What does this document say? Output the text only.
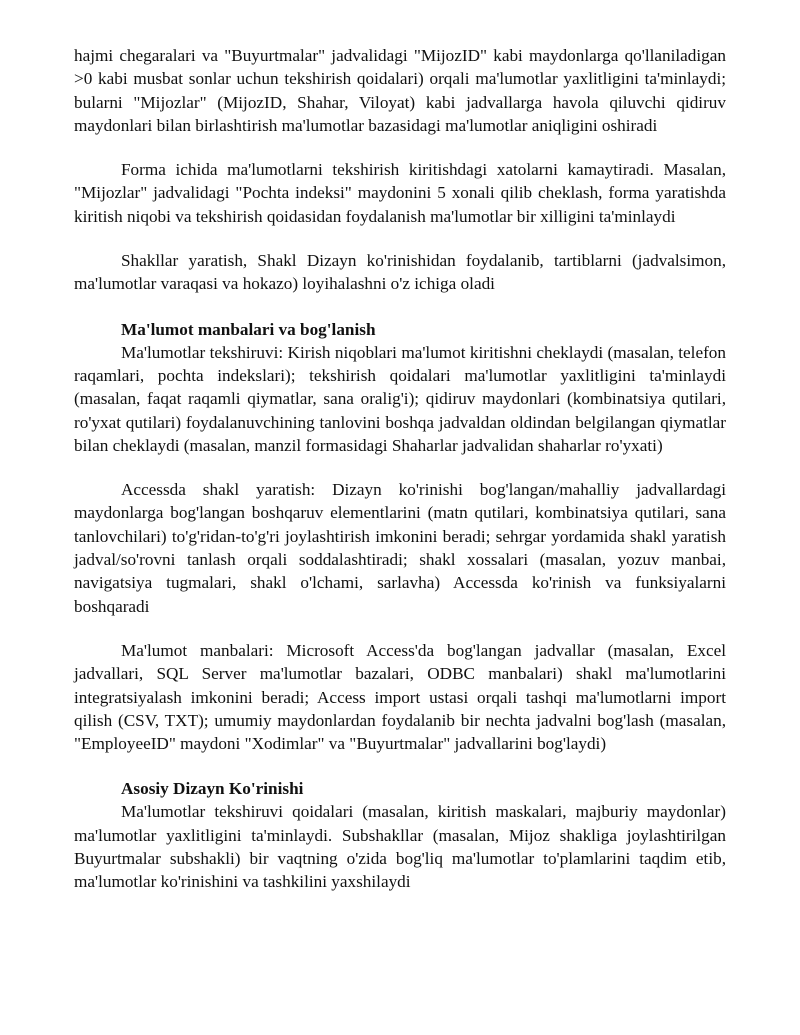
hajmi chegaralari va "Buyurtmalar" jadvalidagi "MijozID" kabi maydonlarga qo'llaniladigan >0 kabi musbat sonlar uchun tekshirish qoidalari) orqali ma'lumotlar yaxlitligini ta'minlaydi; bularni "Mijozlar" (MijozID, Shahar, Viloyat) kabi jadvallarga havola qiluvchi qidiruv maydonlari bilan birlashtirish ma'lumotlar bazasidagi ma'lumotlar aniqligini oshiradi

Forma ichida ma'lumotlarni tekshirish kiritishdagi xatolarni kamaytiradi. Masalan, "Mijozlar" jadvalidagi "Pochta indeksi" maydonini 5 xonali qilib cheklash, forma yaratishda kiritish niqobi va tekshirish qoidasidan foydalanish ma'lumotlar bir xilligini ta'minlaydi

Shakllar yaratish, Shakl Dizayn ko'rinishidan foydalanib, tartiblarni (jadvalsimon, ma'lumotlar varaqasi va hokazo) loyihalashni o'z ichiga oladi

Ma'lumot manbalari va bog'lanish

Ma'lumotlar tekshiruvi: Kirish niqoblari ma'lumot kiritishni cheklaydi (masalan, telefon raqamlari, pochta indekslari); tekshirish qoidalari ma'lumotlar yaxlitligini ta'minlaydi (masalan, faqat raqamli qiymatlar, sana oralig'i); qidiruv maydonlari (kombinatsiya qutilari, ro'yxat qutilari) foydalanuvchining tanlovini boshqa jadvaldan oldindan belgilangan qiymatlar bilan cheklaydi (masalan, manzil formasidagi Shaharlar jadvalidan shaharlar ro'yxati)

Accessda shakl yaratish: Dizayn ko'rinishi bog'langan/mahalliy jadvallardagi maydonlarga bog'langan boshqaruv elementlarini (matn qutilari, kombinatsiya qutilari, sana tanlovchilari) to'g'ridan-to'g'ri joylashtirish imkonini beradi; sehrgar yordamida shakl yaratish jadval/so'rovni tanlash orqali soddalashtiradi; shakl xossalari (masalan, yozuv manbai, navigatsiya tugmalari, shakl o'lchami, sarlavha) Accessda ko'rinish va funksiyalarni boshqaradi

Ma'lumot manbalari: Microsoft Access'da bog'langan jadvallar (masalan, Excel jadvallari, SQL Server ma'lumotlar bazalari, ODBC manbalari) shakl ma'lumotlarini integratsiyalash imkonini beradi; Access import ustasi orqali tashqi ma'lumotlarni import qilish (CSV, TXT); umumiy maydonlardan foydalanib bir nechta jadvalni bog'lash (masalan, "EmployeeID" maydoni "Xodimlar" va "Buyurtmalar" jadvallarini bog'laydi)

Asosiy Dizayn Ko'rinishi

Ma'lumotlar tekshiruvi qoidalari (masalan, kiritish maskalari, majburiy maydonlar) ma'lumotlar yaxlitligini ta'minlaydi. Subshakllar (masalan, Mijoz shakliga joylashtirilgan Buyurtmalar subshakli) bir vaqtning o'zida bog'liq ma'lumotlar to'plamlarini taqdim etib, ma'lumotlar ko'rinishini va tashkilini yaxshilaydi
